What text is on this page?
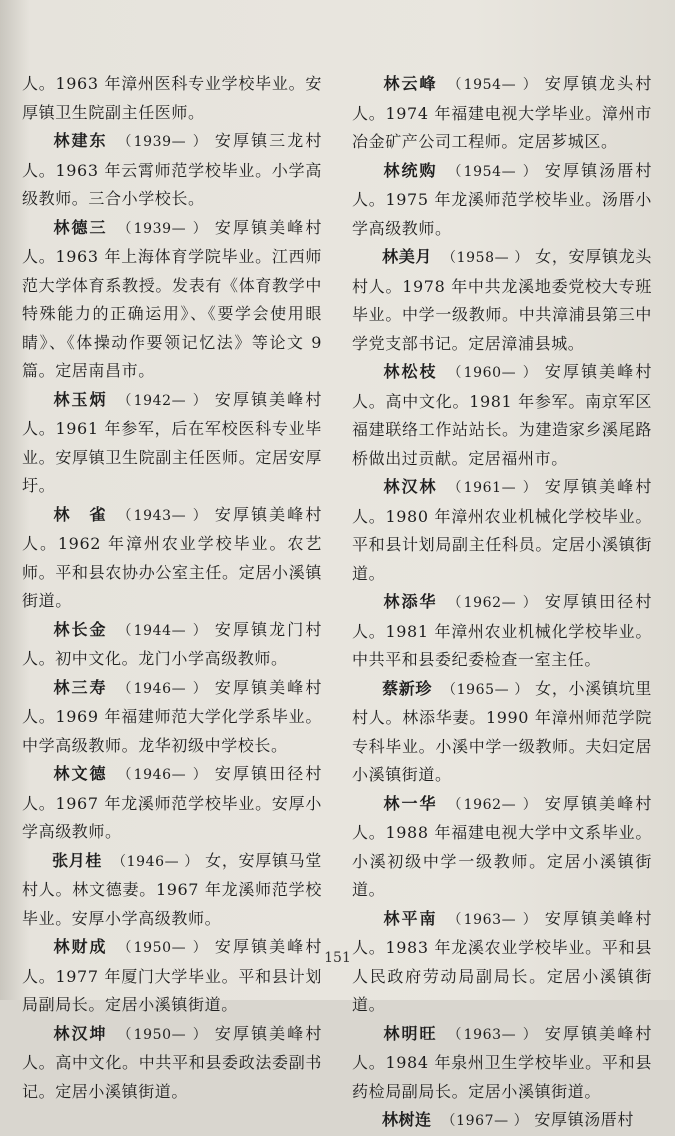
人。1963 年漳州医科专业学校毕业。安厚镇卫生院副主任医师。
林建东 （1939— ） 安厚镇三龙村人。1963 年云霄师范学校毕业。小学高级教师。三合小学校长。
林德三 （1939— ） 安厚镇美峰村人。1963 年上海体育学院毕业。江西师范大学体育系教授。发表有《体育教学中特殊能力的正确运用》、《要学会使用眼睛》、《体操动作要领记忆法》等论文 9 篇。定居南昌市。
林玉炳 （1942— ） 安厚镇美峰村人。1961 年参军，后在军校医科专业毕业。安厚镇卫生院副主任医师。定居安厚圩。
林　雀 （1943— ） 安厚镇美峰村人。1962 年漳州农业学校毕业。农艺师。平和县农协办公室主任。定居小溪镇街道。
林长金 （1944— ） 安厚镇龙门村人。初中文化。龙门小学高级教师。
林三寿 （1946— ） 安厚镇美峰村人。1969 年福建师范大学化学系毕业。中学高级教师。龙华初级中学校长。
林文德 （1946— ） 安厚镇田径村人。1967 年龙溪师范学校毕业。安厚小学高级教师。
张月桂 （1946— ） 女，安厚镇马堂村人。林文德妻。1967 年龙溪师范学校毕业。安厚小学高级教师。
林财成 （1950— ） 安厚镇美峰村人。1977 年厦门大学毕业。平和县计划局副局长。定居小溪镇街道。
林汉坤 （1950— ） 安厚镇美峰村人。高中文化。中共平和县委政法委副书记。定居小溪镇街道。
林云峰 （1954— ） 安厚镇龙头村人。1974 年福建电视大学毕业。漳州市冶金矿产公司工程师。定居芗城区。
林统购 （1954— ） 安厚镇汤厝村人。1975 年龙溪师范学校毕业。汤厝小学高级教师。
林美月 （1958— ） 女，安厚镇龙头村人。1978 年中共龙溪地委党校大专班毕业。中学一级教师。中共漳浦县第三中学党支部书记。定居漳浦县城。
林松枝 （1960— ） 安厚镇美峰村人。高中文化。1981 年参军。南京军区福建联络工作站站长。为建造家乡溪尾路桥做出过贡献。定居福州市。
林汉林 （1961— ） 安厚镇美峰村人。1980 年漳州农业机械化学校毕业。平和县计划局副主任科员。定居小溪镇街道。
林添华 （1962— ） 安厚镇田径村人。1981 年漳州农业机械化学校毕业。中共平和县委纪委检查一室主任。
蔡新珍 （1965— ） 女，小溪镇坑里村人。林添华妻。1990 年漳州师范学院专科毕业。小溪中学一级教师。夫妇定居小溪镇街道。
林一华 （1962— ） 安厚镇美峰村人。1988 年福建电视大学中文系毕业。小溪初级中学一级教师。定居小溪镇街道。
林平南 （1963— ） 安厚镇美峰村人。1983 年龙溪农业学校毕业。平和县人民政府劳动局副局长。定居小溪镇街道。
林明旺 （1963— ） 安厚镇美峰村人。1984 年泉州卫生学校毕业。平和县药检局副局长。定居小溪镇街道。
林树连 （1967— ） 安厚镇汤厝村
151
